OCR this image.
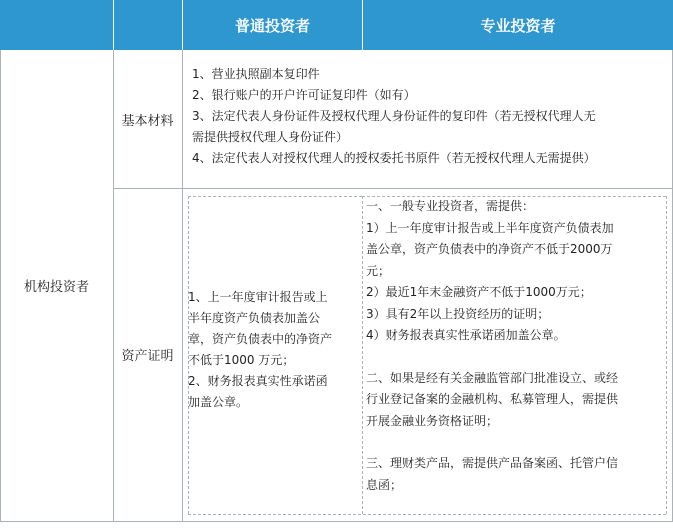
普通投资者	专业投资者
机构投资者
基本材料

1、营业执照副本复印件

2、银行账户的开户许可证复印件（如有）

3、法定代表人身份证件及授权代理人身份证件的复印件（若无授权代理人无

需提供授权代理人身份证件）

4、法定代表人对授权代理人的授权委托书原件（若无授权代理人无需提供）

资产证明

1、上一年度审计报告或上

半年度资产负债表加盖公

章，资产负债表中的净资产

不低于1000 万元；

2、财务报表真实性承诺函

加盖公章。

一、一般专业投资者，需提供：

1）上一年度审计报告或上半年度资产负债表加

盖公章，资产负债表中的净资产不低于2000万

元；

2）最近1年末金融资产不低于1000万元；

3）具有2年以上投资经历的证明；

4）财务报表真实性承诺函加盖公章。

二、如果是经有关金融监管部门批准设立、或经

行业登记备案的金融机构、私募管理人，需提供

开展金融业务资格证明；

三、理财类产品，需提供产品备案函、托管户信

息函；
